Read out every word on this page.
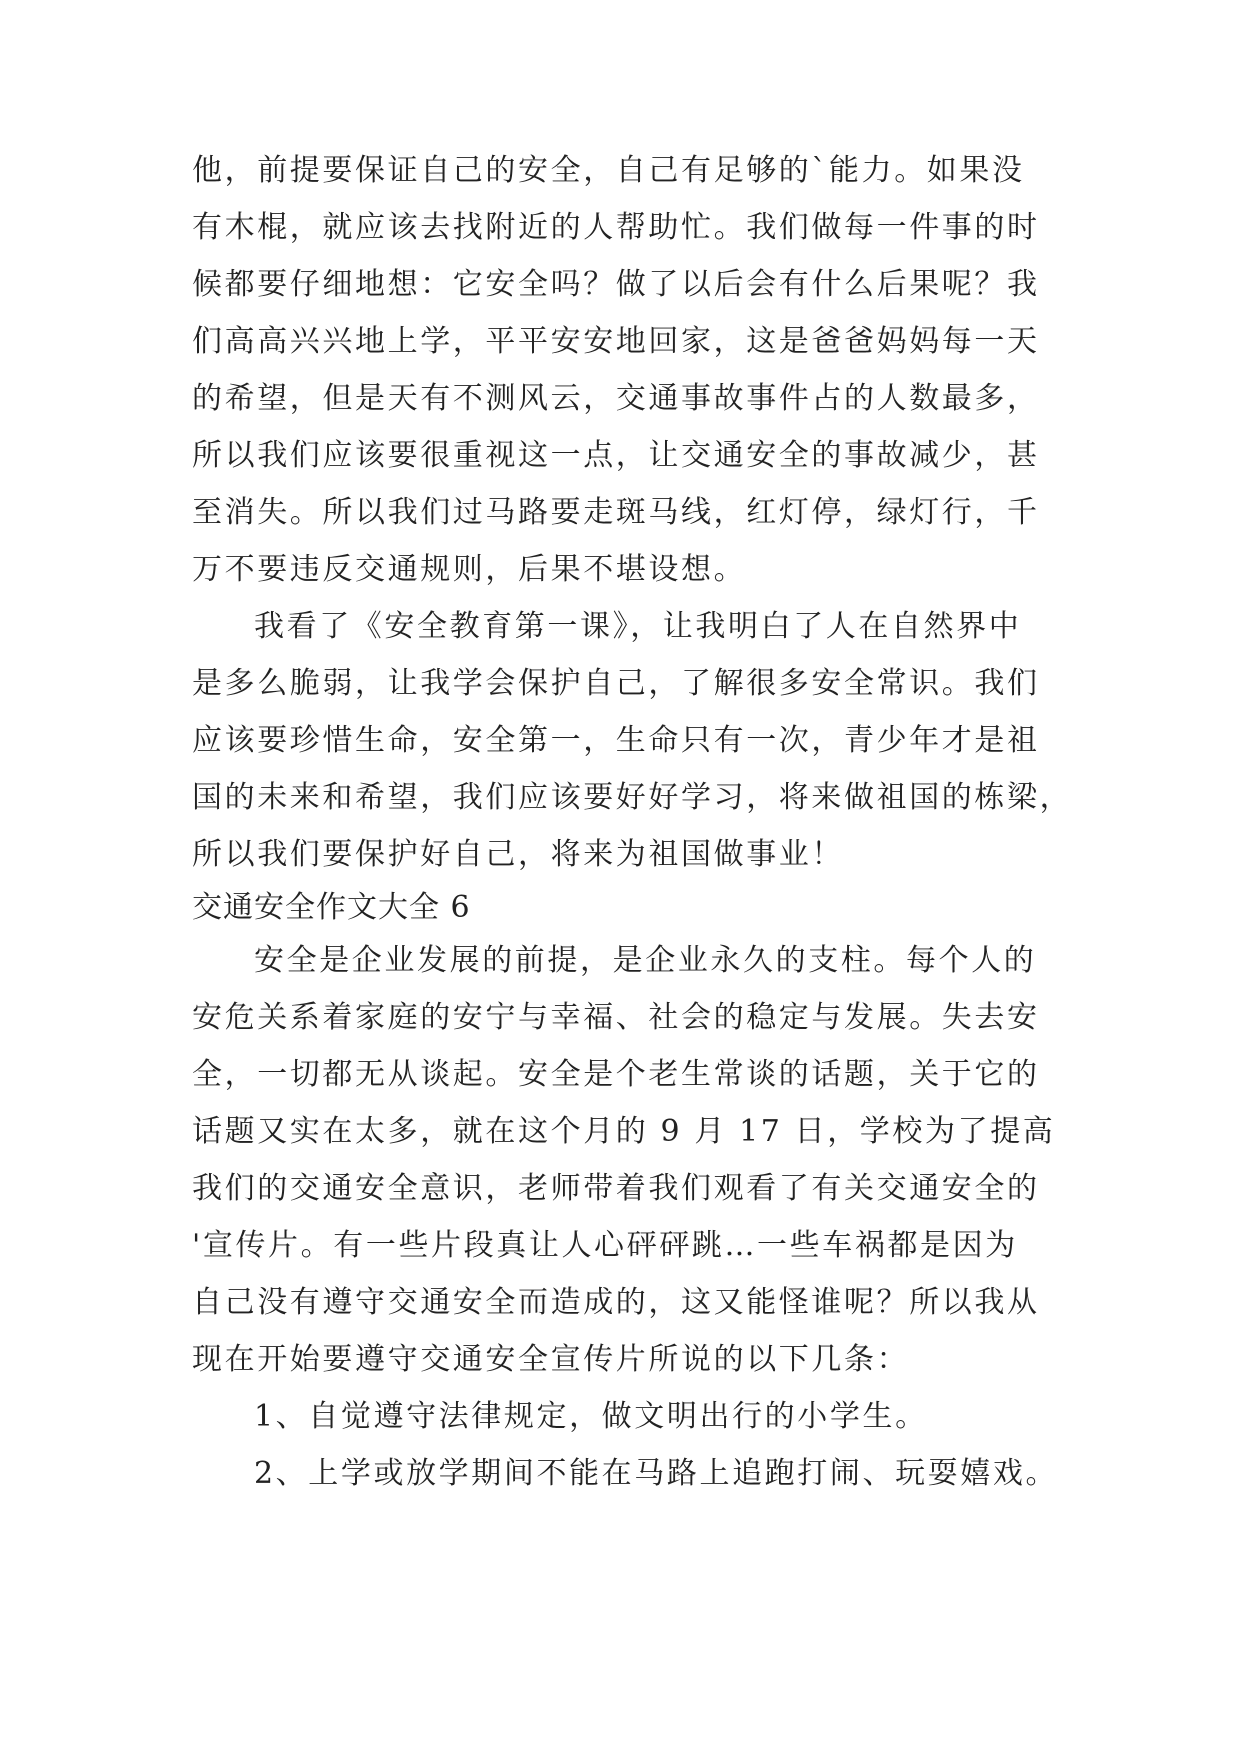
他，前提要保证自己的安全，自己有足够的`能力。如果没
有木棍，就应该去找附近的人帮助忙。我们做每一件事的时
候都要仔细地想：它安全吗？做了以后会有什么后果呢？我
们高高兴兴地上学，平平安安地回家，这是爸爸妈妈每一天
的希望，但是天有不测风云，交通事故事件占的人数最多，
所以我们应该要很重视这一点，让交通安全的事故减少，甚
至消失。所以我们过马路要走斑马线，红灯停，绿灯行，千
万不要违反交通规则，后果不堪设想。
我看了《安全教育第一课》，让我明白了人在自然界中
是多么脆弱，让我学会保护自己，了解很多安全常识。我们
应该要珍惜生命，安全第一，生命只有一次，青少年才是祖
国的未来和希望，我们应该要好好学习，将来做祖国的栋梁，
所以我们要保护好自己，将来为祖国做事业！
交通安全作文大全 6
安全是企业发展的前提，是企业永久的支柱。每个人的
安危关系着家庭的安宁与幸福、社会的稳定与发展。失去安
全，一切都无从谈起。安全是个老生常谈的话题，关于它的
话题又实在太多，就在这个月的 9 月 17 日，学校为了提高
我们的交通安全意识，老师带着我们观看了有关交通安全的
'宣传片。有一些片段真让人心砰砰跳…一些车祸都是因为
自己没有遵守交通安全而造成的，这又能怪谁呢？所以我从
现在开始要遵守交通安全宣传片所说的以下几条：
1、自觉遵守法律规定，做文明出行的小学生。
2、上学或放学期间不能在马路上追跑打闹、玩耍嬉戏。
